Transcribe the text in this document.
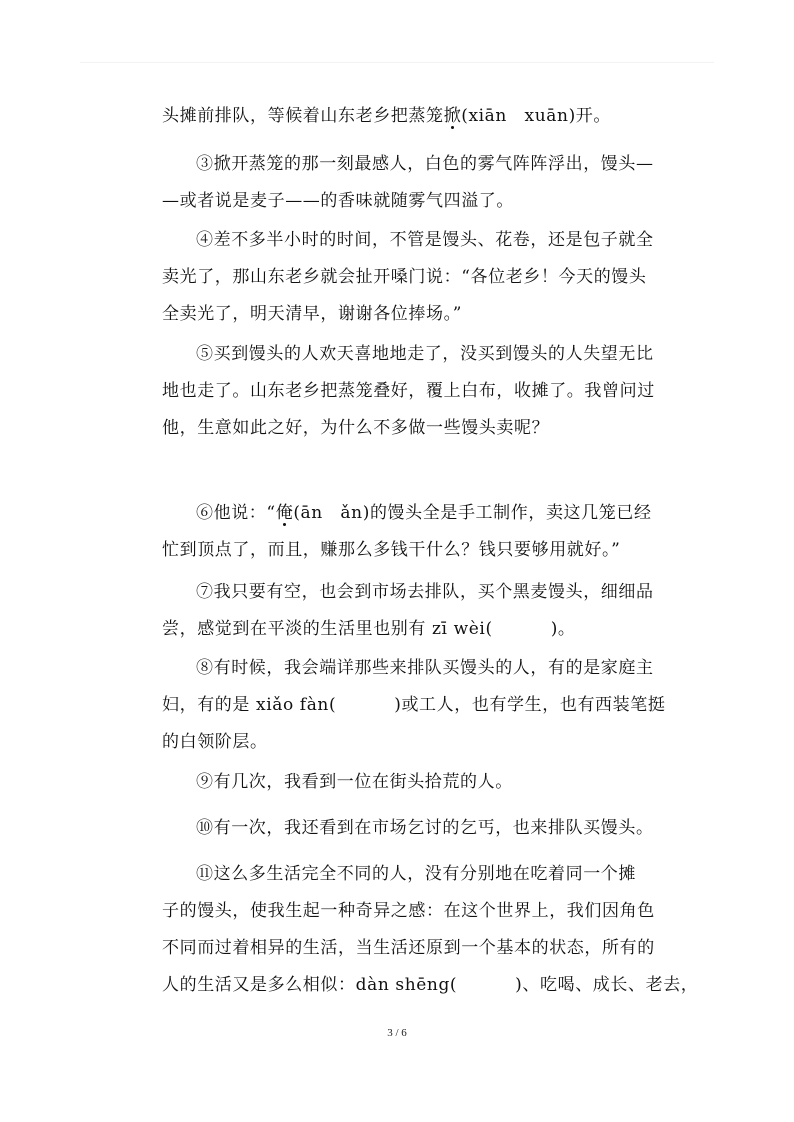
头摊前排队，等候着山东老乡把蒸笼掀(xiān　xuān)开。

③掀开蒸笼的那一刻最感人，白色的雾气阵阵浮出，馒头—
—或者说是麦子——的香味就随雾气四溢了。

④差不多半小时的时间，不管是馒头、花卷，还是包子就全
卖光了，那山东老乡就会扯开嗓门说：“各位老乡！今天的馒头
全卖光了，明天清早，谢谢各位捧场。”

⑤买到馒头的人欢天喜地地走了，没买到馒头的人失望无比
地也走了。山东老乡把蒸笼叠好，覆上白布，收摊了。我曾问过
他，生意如此之好，为什么不多做一些馒头卖呢？

⑥他说：“俺(ān　ǎn)的馒头全是手工制作，卖这几笼已经
忙到顶点了，而且，赚那么多钱干什么？钱只要够用就好。”

⑦我只要有空，也会到市场去排队，买个黑麦馒头，细细品
尝，感觉到在平淡的生活里也别有 zī wèi(	)。

⑧有时候，我会端详那些来排队买馒头的人，有的是家庭主
妇，有的是 xiǎo fàn(	)或工人，也有学生，也有西装笔挺
的白领阶层。

⑨有几次，我看到一位在街头拾荒的人。

⑩有一次，我还看到在市场乞讨的乞丐，也来排队买馒头。

⑪这么多生活完全不同的人，没有分别地在吃着同一个摊
子的馒头，使我生起一种奇异之感：在这个世界上，我们因角色
不同而过着相异的生活，当生活还原到一个基本的状态，所有的
人的生活又是多么相似：dàn shēng(	)、吃喝、成长、老去，

3 / 6
